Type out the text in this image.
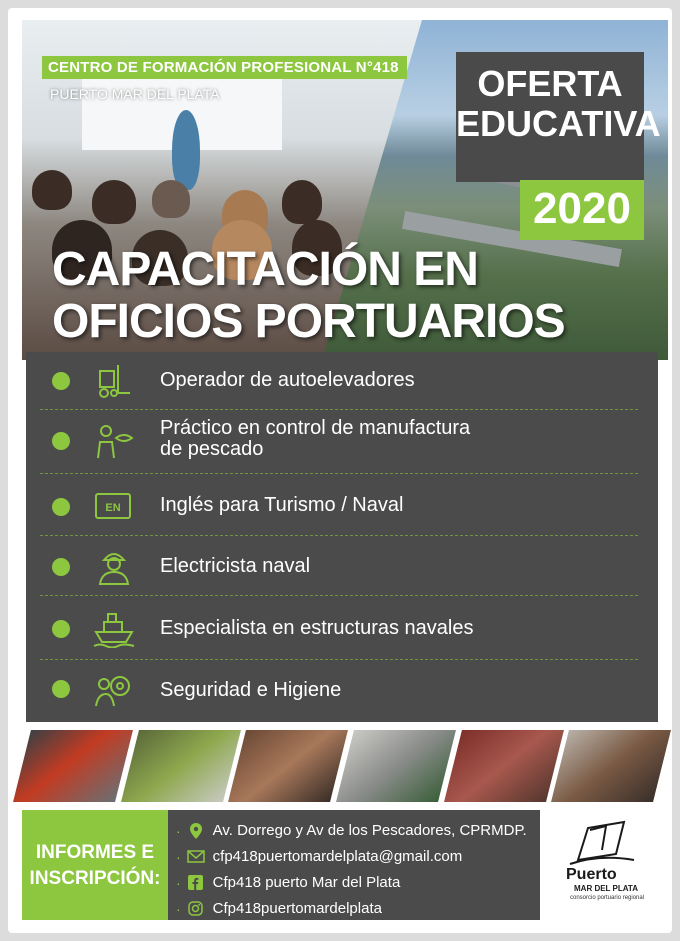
CENTRO DE FORMACIÓN PROFESIONAL N°418
PUERTO MAR DEL PLATA	OFERTA
EDUCATIVA
2020
CAPACITACIÓN EN
OFICIOS PORTUARIOS
Operador de autoelevadores
Práctico en control de manufactura
de pescado
EN Inglés para Turismo / Naval
Electricista naval
Especialista en estructuras navales
Seguridad e Higiene
INFORMES E
INSCRIPCIÓN:
· Av. Dorrego y Av de los Pescadores, CPRMDP.
· cfp418puertomardelplata@gmail.com
· Cfp418 puerto Mar del Plata
· Cfp418puertomardelplata
Puerto
MAR DEL PLATA
consorcio portuario regional
